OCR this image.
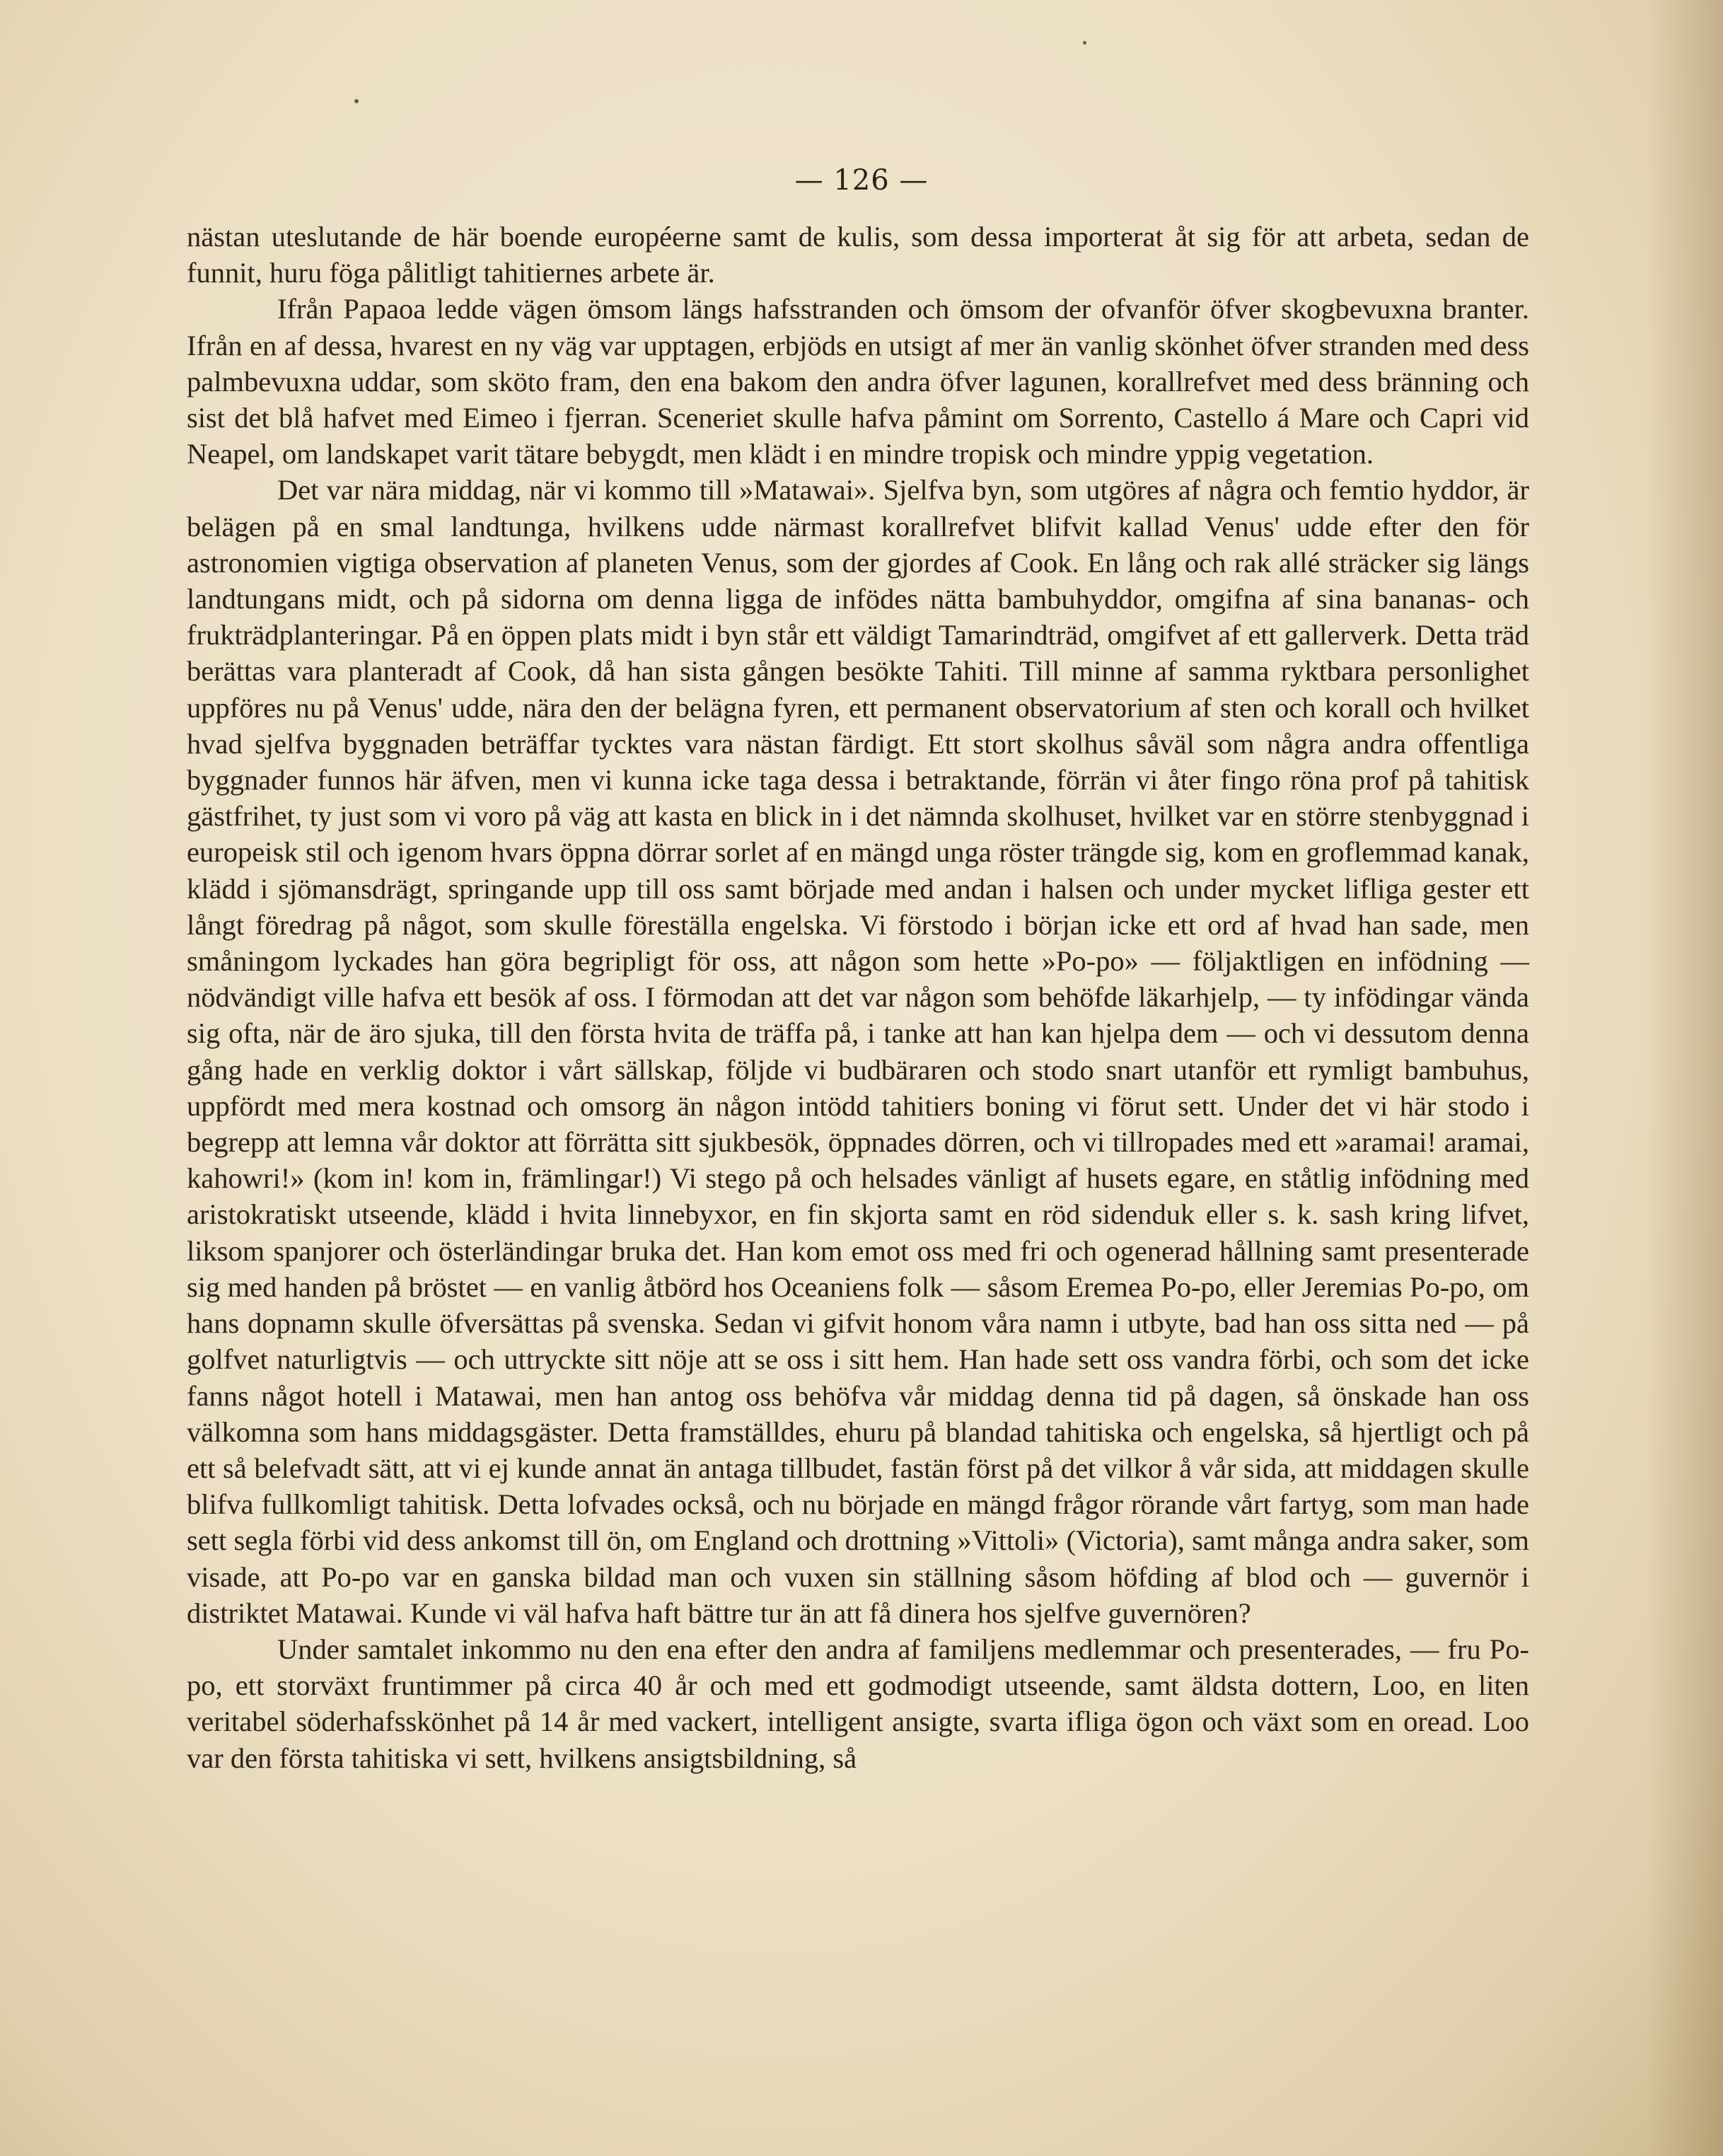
— 126 —

nästan uteslutande de här boende européerne samt de kulis, som dessa importerat åt sig för att arbeta, sedan de funnit, huru föga pålitligt tahitiernes arbete är.

Ifrån Papaoa ledde vägen ömsom längs hafsstranden och ömsom der ofvanför öfver skogbevuxna branter. Ifrån en af dessa, hvarest en ny väg var upptagen, erbjöds en utsigt af mer än vanlig skönhet öfver stranden med dess palmbevuxna uddar, som sköto fram, den ena bakom den andra öfver lagunen, korallrefvet med dess bränning och sist det blå hafvet med Eimeo i fjerran. Sceneriet skulle hafva påmint om Sorrento, Castello á Mare och Capri vid Neapel, om landskapet varit tätare bebygdt, men klädt i en mindre tropisk och mindre yppig vegetation.

Det var nära middag, när vi kommo till »Matawai». Sjelfva byn, som utgöres af några och femtio hyddor, är belägen på en smal landtunga, hvilkens udde närmast korallrefvet blifvit kallad Venus' udde efter den för astronomien vigtiga observation af planeten Venus, som der gjordes af Cook. En lång och rak allé sträcker sig längs landtungans midt, och på sidorna om denna ligga de infödes nätta bambuhyddor, omgifna af sina bananas- och frukträdplanteringar. På en öppen plats midt i byn står ett väldigt Tamarindträd, omgifvet af ett gallerverk. Detta träd berättas vara planteradt af Cook, då han sista gången besökte Tahiti. Till minne af samma ryktbara personlighet uppföres nu på Venus' udde, nära den der belägna fyren, ett permanent observatorium af sten och korall och hvilket hvad sjelfva byggnaden beträffar tycktes vara nästan färdigt. Ett stort skolhus såväl som några andra offentliga byggnader funnos här äfven, men vi kunna icke taga dessa i betraktande, förrän vi åter fingo röna prof på tahitisk gästfrihet, ty just som vi voro på väg att kasta en blick in i det nämnda skolhuset, hvilket var en större stenbyggnad i europeisk stil och igenom hvars öppna dörrar sorlet af en mängd unga röster trängde sig, kom en groflemmad kanak, klädd i sjömansdrägt, springande upp till oss samt började med andan i halsen och under mycket lifliga gester ett långt föredrag på något, som skulle föreställa engelska. Vi förstodo i början icke ett ord af hvad han sade, men småningom lyckades han göra begripligt för oss, att någon som hette »Po-po» — följaktligen en infödning — nödvändigt ville hafva ett besök af oss. I förmodan att det var någon som behöfde läkarhjelp, — ty infödingar vända sig ofta, när de äro sjuka, till den första hvita de träffa på, i tanke att han kan hjelpa dem — och vi dessutom denna gång hade en verklig doktor i vårt sällskap, följde vi budbäraren och stodo snart utanför ett rymligt bambuhus, uppfördt med mera kostnad och omsorg än någon intödd tahitiers boning vi förut sett. Under det vi här stodo i begrepp att lemna vår doktor att förrätta sitt sjukbesök, öppnades dörren, och vi tillropades med ett »aramai! aramai, kahowri!» (kom in! kom in, främlingar!) Vi stego på och helsades vänligt af husets egare, en ståtlig infödning med aristokratiskt utseende, klädd i hvita linnebyxor, en fin skjorta samt en röd sidenduk eller s. k. sash kring lifvet, liksom spanjorer och österländingar bruka det. Han kom emot oss med fri och ogenerad hållning samt presenterade sig med handen på bröstet — en vanlig åtbörd hos Oceaniens folk — såsom Eremea Po-po, eller Jeremias Po-po, om hans dopnamn skulle öfversättas på svenska. Sedan vi gifvit honom våra namn i utbyte, bad han oss sitta ned — på golfvet naturligtvis — och uttryckte sitt nöje att se oss i sitt hem. Han hade sett oss vandra förbi, och som det icke fanns något hotell i Matawai, men han antog oss behöfva vår middag denna tid på dagen, så önskade han oss välkomna som hans middagsgäster. Detta framställdes, ehuru på blandad tahitiska och engelska, så hjertligt och på ett så belefvadt sätt, att vi ej kunde annat än antaga tillbudet, fastän först på det vilkor å vår sida, att middagen skulle blifva fullkomligt tahitisk. Detta lofvades också, och nu började en mängd frågor rörande vårt fartyg, som man hade sett segla förbi vid dess ankomst till ön, om England och drottning »Vittoli» (Victoria), samt många andra saker, som visade, att Po-po var en ganska bildad man och vuxen sin ställning såsom höfding af blod och — guvernör i distriktet Matawai. Kunde vi väl hafva haft bättre tur än att få dinera hos sjelfve guvernören?

Under samtalet inkommo nu den ena efter den andra af familjens medlemmar och presenterades, — fru Po-po, ett storväxt fruntimmer på circa 40 år och med ett godmodigt utseende, samt äldsta dottern, Loo, en liten veritabel söderhafsskönhet på 14 år med vackert, intelligent ansigte, svarta ifliga ögon och växt som en oread. Loo var den första tahitiska vi sett, hvilkens ansigtsbildning, så
